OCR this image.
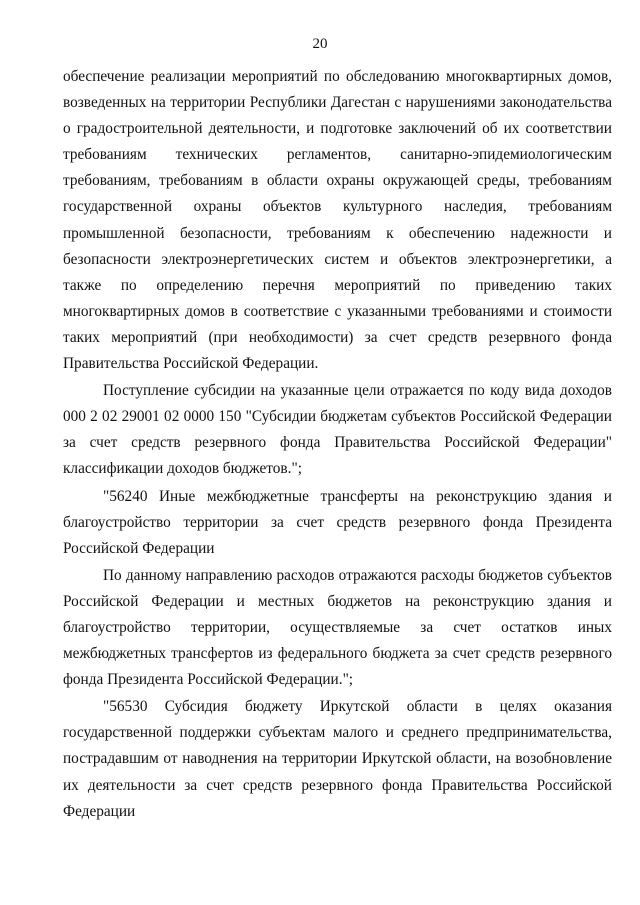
20

обеспечение реализации мероприятий по обследованию многоквартирных домов, возведенных на территории Республики Дагестан с нарушениями законодательства о градостроительной деятельности, и подготовке заключений об их соответствии требованиям технических регламентов, санитарно-эпидемиологическим требованиям, требованиям в области охраны окружающей среды, требованиям государственной охраны объектов культурного наследия, требованиям промышленной безопасности, требованиям к обеспечению надежности и безопасности электроэнергетических систем и объектов электроэнергетики, а также по определению перечня мероприятий по приведению таких многоквартирных домов в соответствие с указанными требованиями и стоимости таких мероприятий (при необходимости) за счет средств резервного фонда Правительства Российской Федерации.

Поступление субсидии на указанные цели отражается по коду вида доходов 000 2 02 29001 02 0000 150 "Субсидии бюджетам субъектов Российской Федерации за счет средств резервного фонда Правительства Российской Федерации" классификации доходов бюджетов.";

"56240 Иные межбюджетные трансферты на реконструкцию здания и благоустройство территории за счет средств резервного фонда Президента Российской Федерации

По данному направлению расходов отражаются расходы бюджетов субъектов Российской Федерации и местных бюджетов на реконструкцию здания и благоустройство территории, осуществляемые за счет остатков иных межбюджетных трансфертов из федерального бюджета за счет средств резервного фонда Президента Российской Федерации.";

"56530 Субсидия бюджету Иркутской области в целях оказания государственной поддержки субъектам малого и среднего предпринимательства, пострадавшим от наводнения на территории Иркутской области, на возобновление их деятельности за счет средств резервного фонда Правительства Российской Федерации
